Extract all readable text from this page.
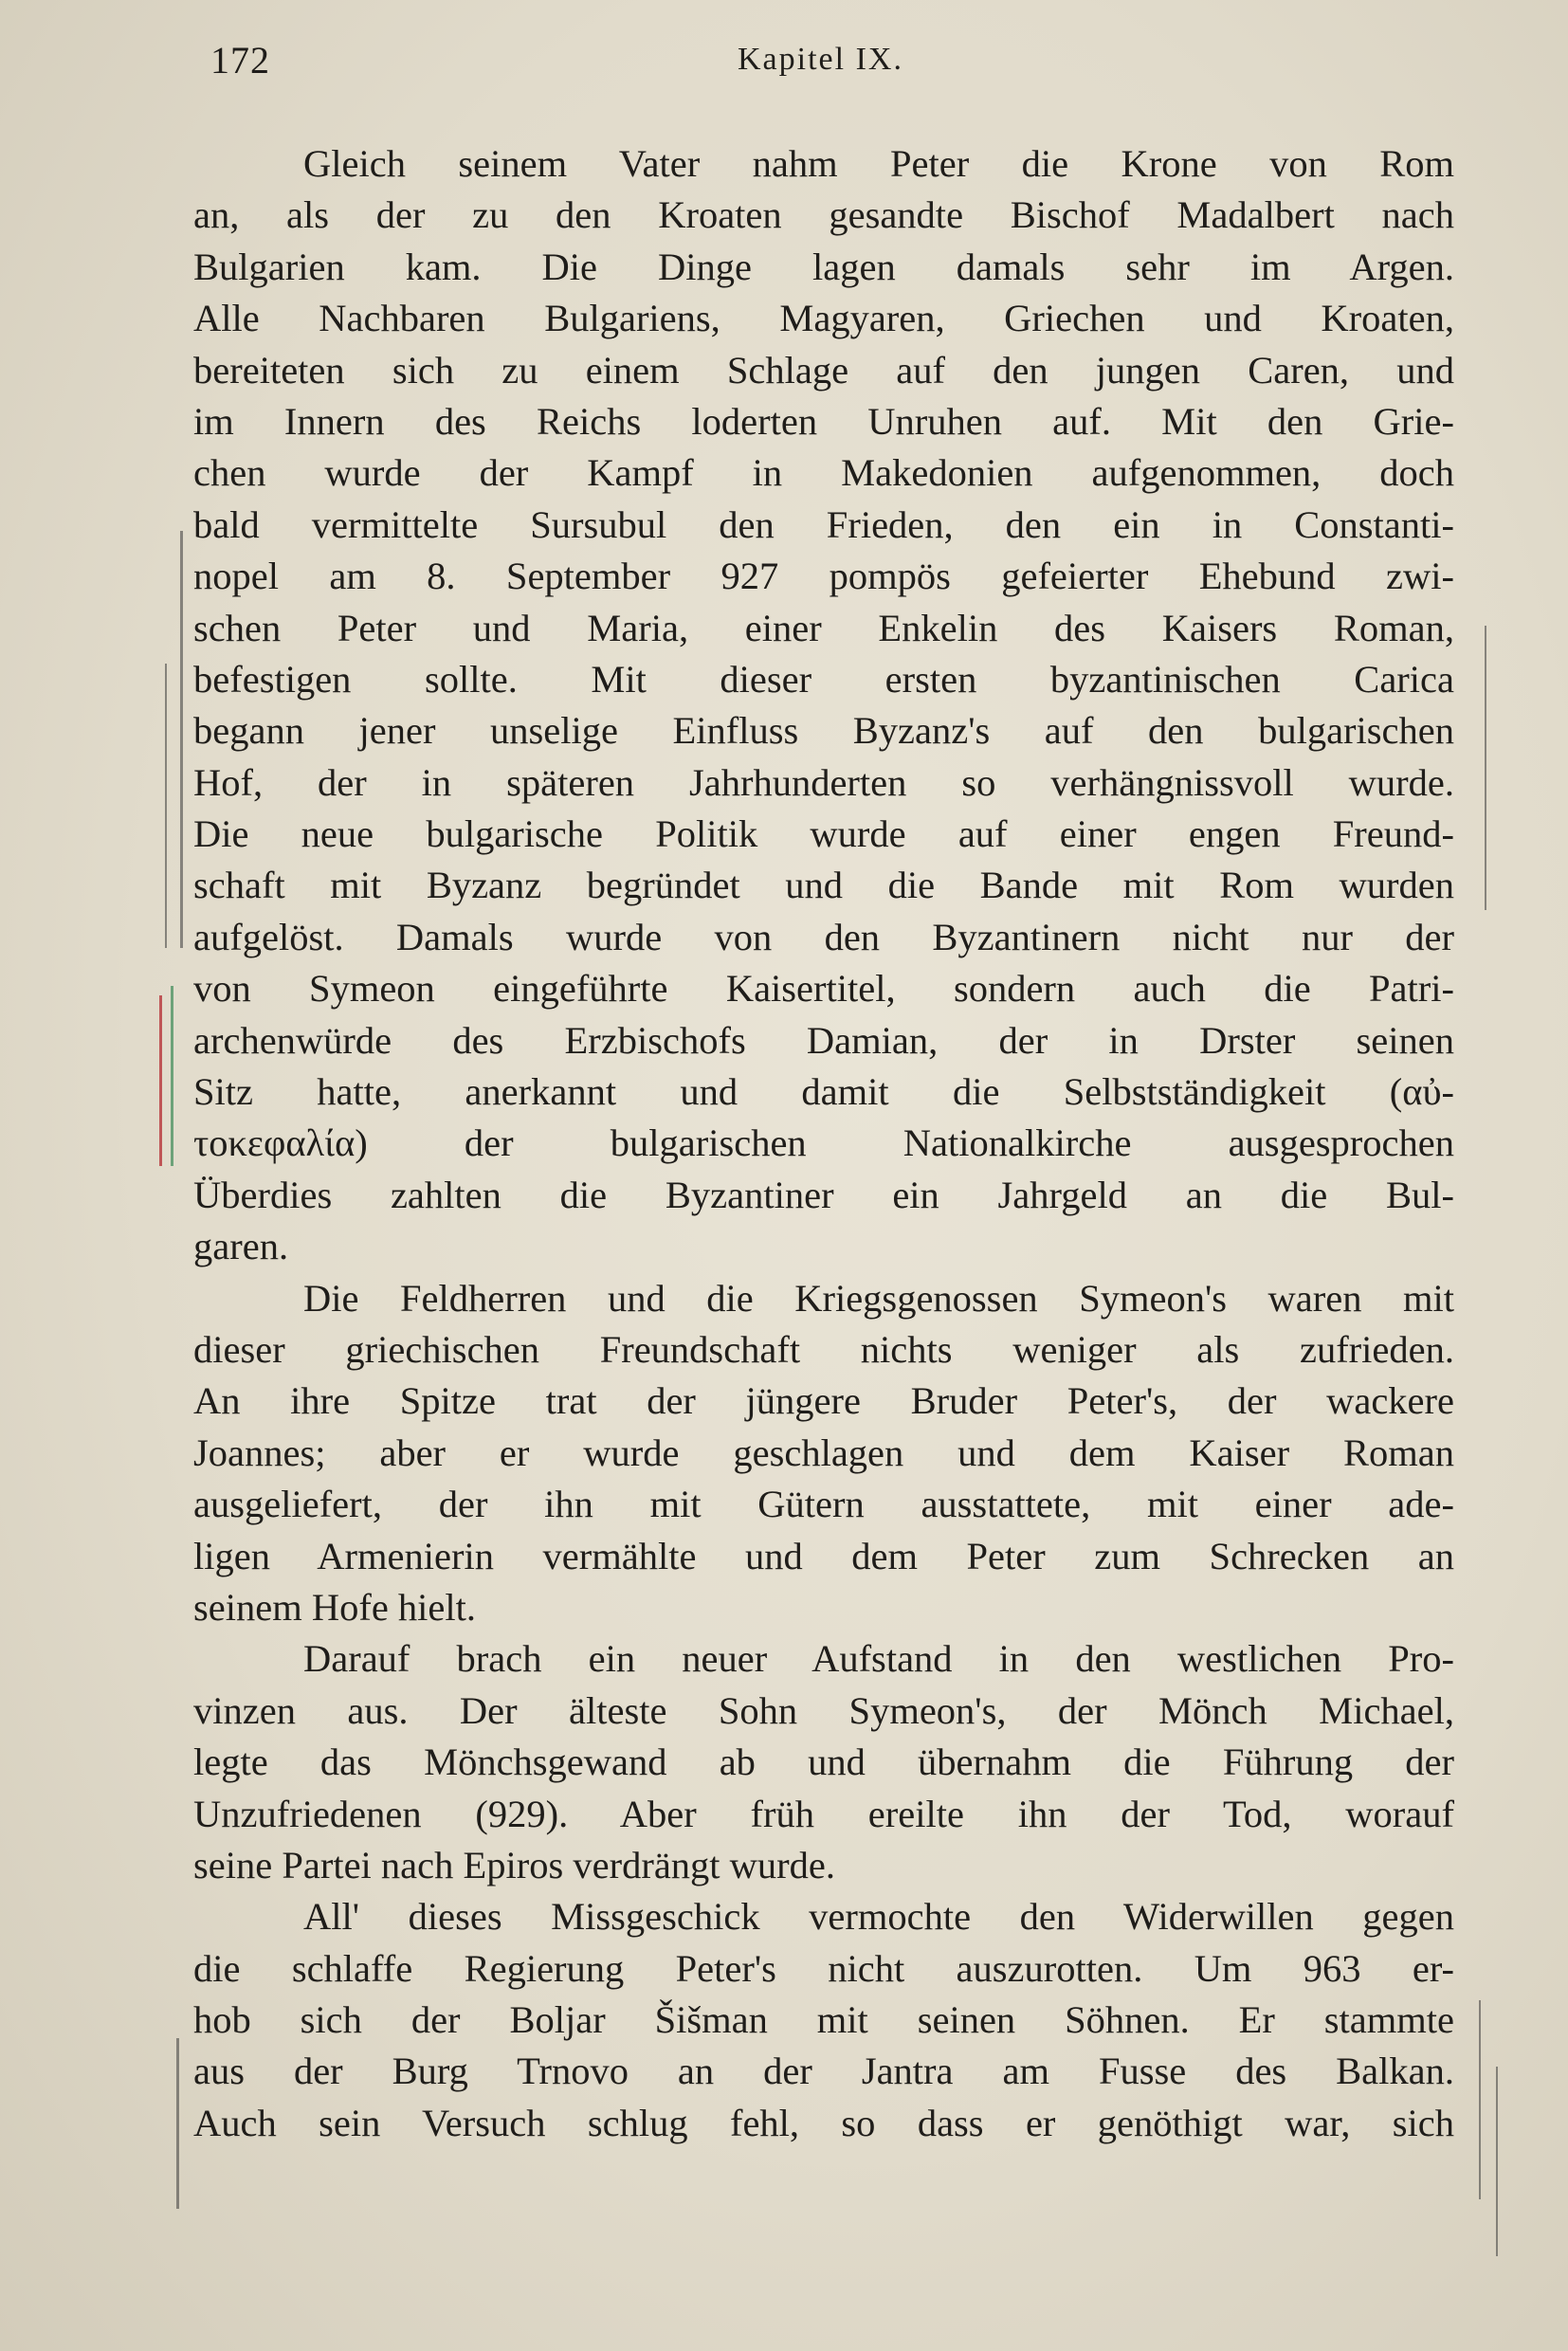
172	Kapitel IX.

Gleich seinem Vater nahm Peter die Krone von Rom
an, als der zu den Kroaten gesandte Bischof Madalbert nach
Bulgarien kam. Die Dinge lagen damals sehr im Argen.
Alle Nachbaren Bulgariens, Magyaren, Griechen und Kroaten,
bereiteten sich zu einem Schlage auf den jungen Caren, und
im Innern des Reichs loderten Unruhen auf. Mit den Grie-
chen wurde der Kampf in Makedonien aufgenommen, doch
bald vermittelte Sursubul den Frieden, den ein in Constanti-
nopel am 8. September 927 pompös gefeierter Ehebund zwi-
schen Peter und Maria, einer Enkelin des Kaisers Roman,
befestigen sollte. Mit dieser ersten byzantinischen Carica
begann jener unselige Einfluss Byzanz's auf den bulgarischen
Hof, der in späteren Jahrhunderten so verhängnissvoll wurde.
Die neue bulgarische Politik wurde auf einer engen Freund-
schaft mit Byzanz begründet und die Bande mit Rom wurden
aufgelöst. Damals wurde von den Byzantinern nicht nur der
von Symeon eingeführte Kaisertitel, sondern auch die Patri-
archenwürde des Erzbischofs Damian, der in Drster seinen
Sitz hatte, anerkannt und damit die Selbstständigkeit (αὐ-
τοκεφαλία) der bulgarischen Nationalkirche ausgesprochen
Überdies zahlten die Byzantiner ein Jahrgeld an die Bul-
garen.

Die Feldherren und die Kriegsgenossen Symeon's waren mit
dieser griechischen Freundschaft nichts weniger als zufrieden.
An ihre Spitze trat der jüngere Bruder Peter's, der wackere
Joannes; aber er wurde geschlagen und dem Kaiser Roman
ausgeliefert, der ihn mit Gütern ausstattete, mit einer ade-
ligen Armenierin vermählte und dem Peter zum Schrecken an
seinem Hofe hielt.

Darauf brach ein neuer Aufstand in den westlichen Pro-
vinzen aus. Der älteste Sohn Symeon's, der Mönch Michael,
legte das Mönchsgewand ab und übernahm die Führung der
Unzufriedenen (929). Aber früh ereilte ihn der Tod, worauf
seine Partei nach Epiros verdrängt wurde.

All' dieses Missgeschick vermochte den Widerwillen gegen
die schlaffe Regierung Peter's nicht auszurotten. Um 963 er-
hob sich der Boljar Šišman mit seinen Söhnen. Er stammte
aus der Burg Trnovo an der Jantra am Fusse des Balkan.
Auch sein Versuch schlug fehl, so dass er genöthigt war, sich
